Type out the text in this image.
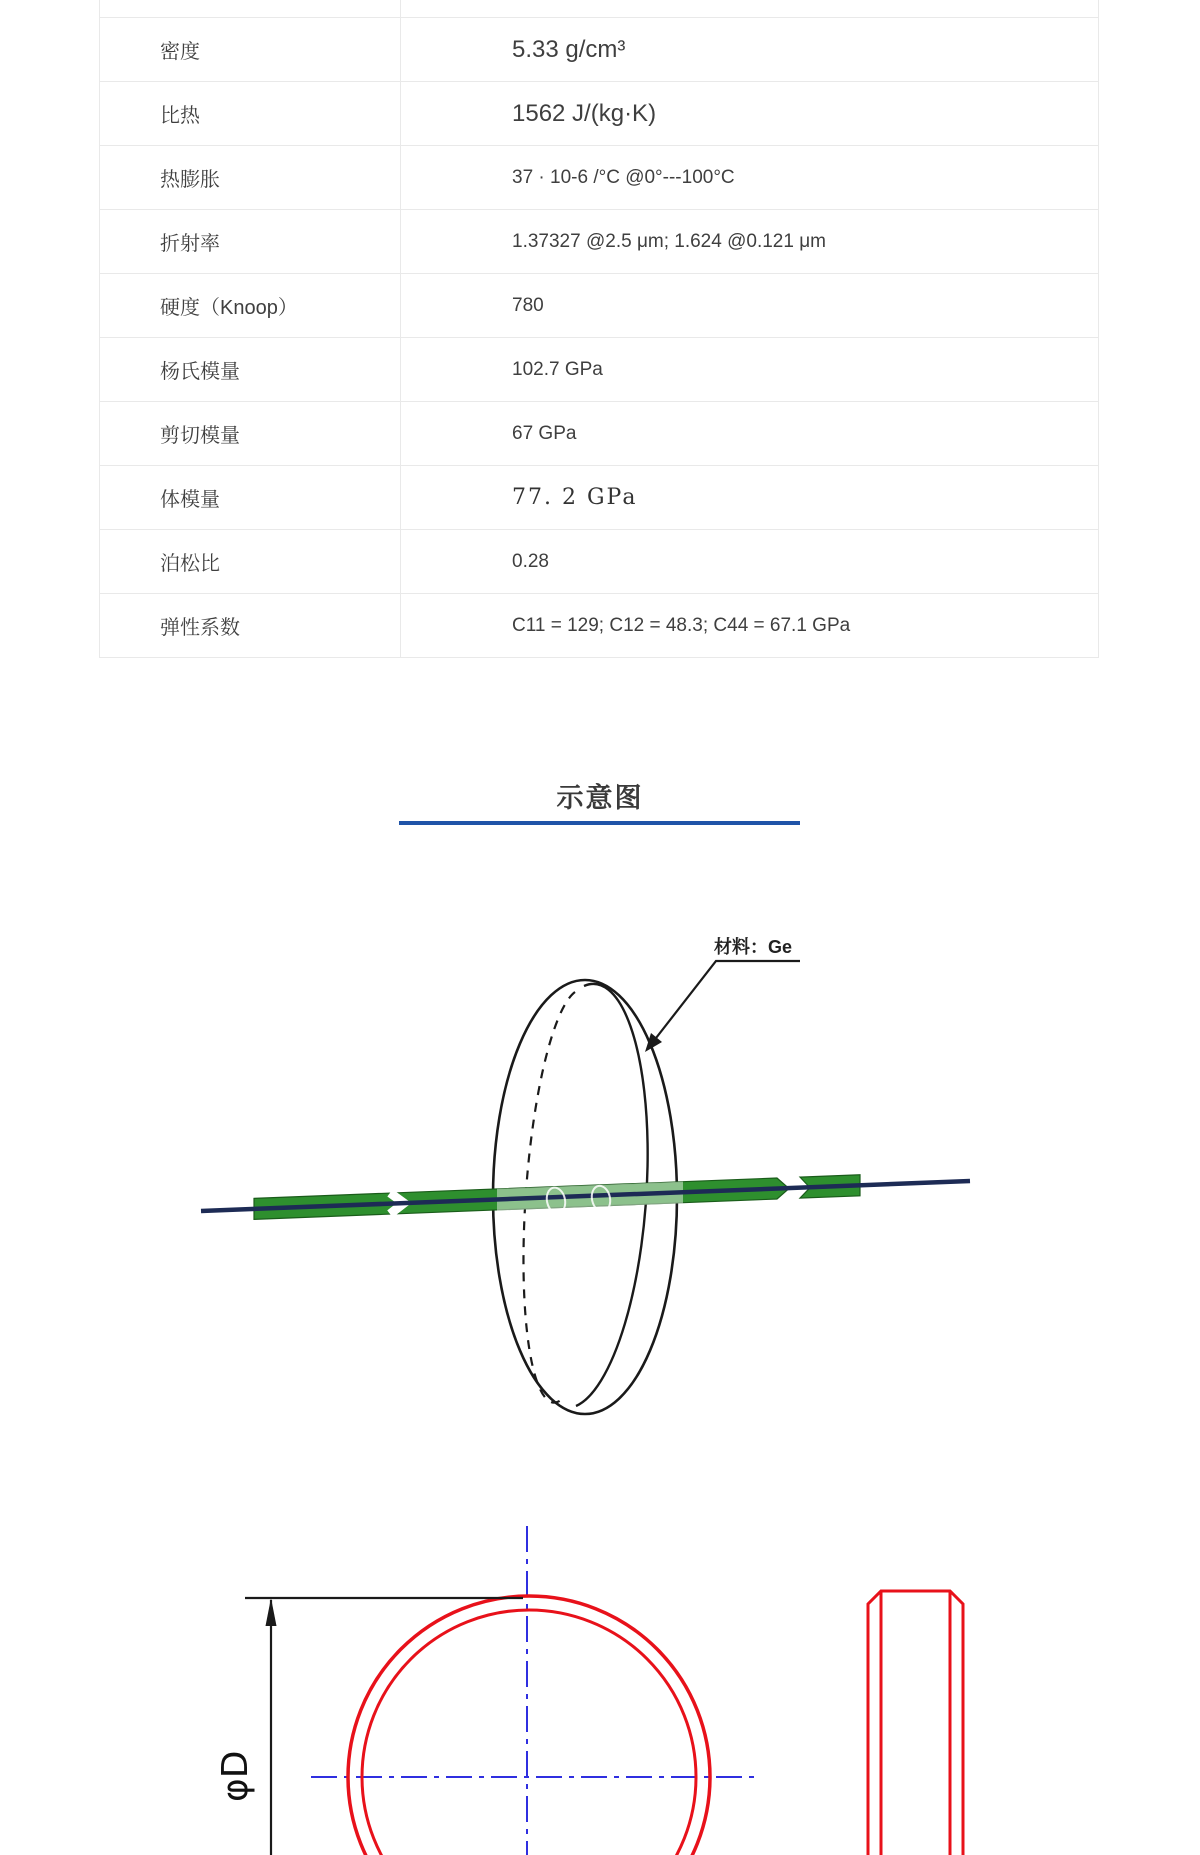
密度	5.33 g/cm³
比热	1562 J/(kg·K)
热膨胀	37 · 10-6 /°C @0°---100°C
折射率	1.37327 @2.5 μm; 1.624 @0.121 μm
硬度（Knoop）	780
杨氏模量	102.7 GPa
剪切模量	67 GPa
体模量	77. 2 GPa
泊松比	0.28
弹性系数	C11 = 129; C12 = 48.3; C44 = 67.1 GPa
示意图
材料：Ge
φD
